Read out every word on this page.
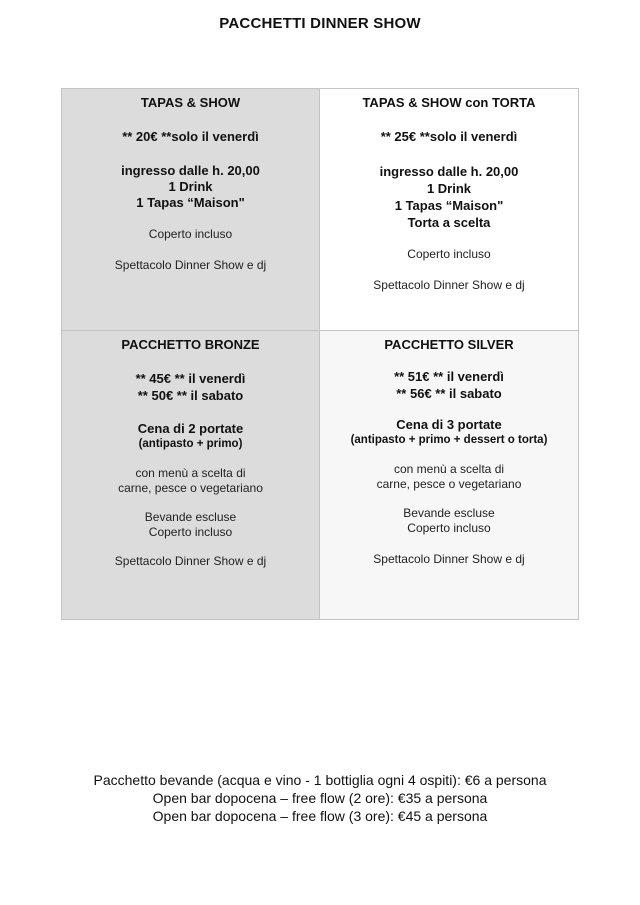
PACCHETTI DINNER SHOW
TAPAS & SHOW
** 20€ **solo il venerdì
ingresso dalle h. 20,00
1 Drink
1 Tapas “Maison"
Coperto incluso
Spettacolo Dinner Show e dj
TAPAS & SHOW con TORTA
** 25€ **solo il venerdì
ingresso dalle h. 20,00
1 Drink
1 Tapas “Maison"
Torta a scelta
Coperto incluso
Spettacolo Dinner Show e dj
PACCHETTO BRONZE
** 45€ ** il venerdì
** 50€ ** il sabato
Cena di 2 portate
(antipasto + primo)
con menù a scelta di
carne, pesce o vegetariano
Bevande escluse
Coperto incluso
Spettacolo Dinner Show e dj
PACCHETTO SILVER
** 51€ ** il venerdì
** 56€ ** il sabato
Cena di 3 portate
(antipasto + primo + dessert o torta)
con menù a scelta di
carne, pesce o vegetariano
Bevande escluse
Coperto incluso
Spettacolo Dinner Show e dj
Pacchetto bevande (acqua e vino - 1 bottiglia ogni 4 ospiti): €6 a persona
Open bar dopocena – free flow (2 ore): €35 a persona
Open bar dopocena – free flow (3 ore): €45 a persona
